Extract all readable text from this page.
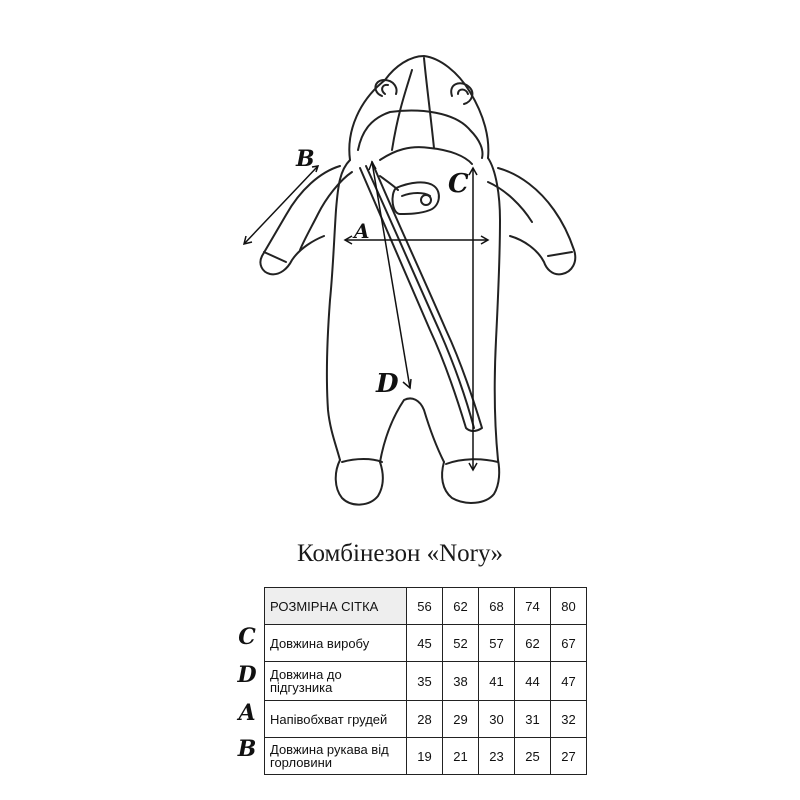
B
C
A
D
Комбінезон «Nory»
РОЗМІРНА СІТКА	56	62	68	74	80
Довжина виробу	45	52	57	62	67
Довжина до підгузника	35	38	41	44	47
Напівобхват грудей	28	29	30	31	32
Довжина рукава від горловини	19	21	23	25	27
C
D
A
B
